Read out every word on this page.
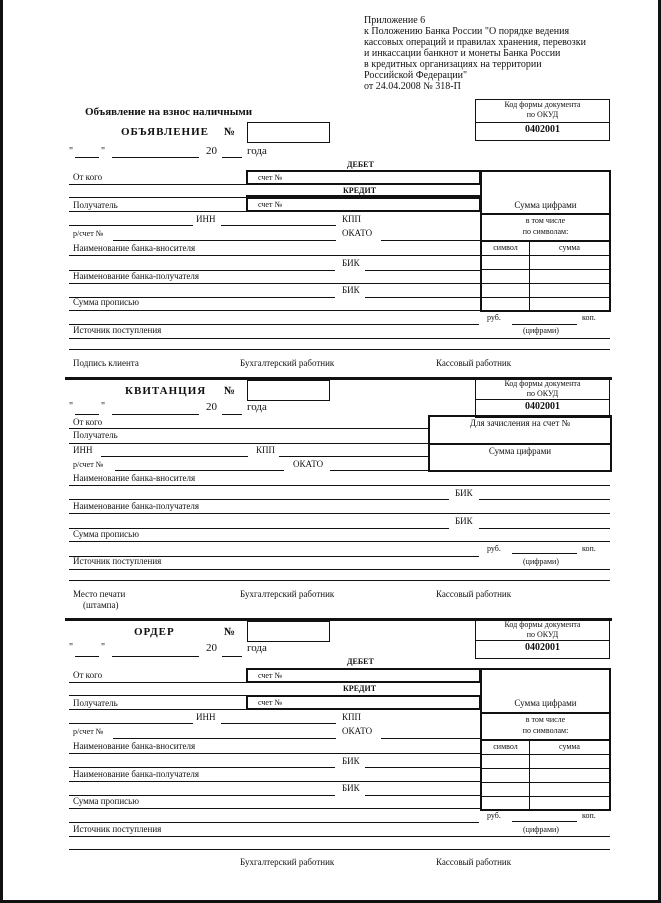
Приложение 6
к Положению Банка России "О порядке ведения
кассовых операций и правилах хранения, перевозки
и инкассации банкнот и монеты Банка России
в кредитных организациях на территории
Российской Федерации"
от 24.04.2008 № 318-П
Объявление на взнос наличными
Код формы документа
по ОКУД
0402001
ОБЪЯВЛЕНИЕ №
"	"	20	года
ДЕБЕТ
От кого	счет №
КРЕДИТ
Получатель	счет №
ИНН	КПП
р/счет №	ОКАТО
Наименование банка-вносителя
БИК
Наименование банка-получателя
БИК
Сумма прописью
руб.	коп.
Источник поступления	(цифрами)
Сумма цифрами
в том числе
по символам:
символ	сумма
Подпись клиента	Бухгалтерский работник	Кассовый работник
Код формы документа
по ОКУД
0402001
КВИТАНЦИЯ №
"	"	20	года
От кого
Получатель
ИНН	КПП
р/счет №	ОКАТО
Для зачисления на счет №
Сумма цифрами
Наименование банка-вносителя
БИК
Наименование банка-получателя
БИК
Сумма прописью
руб.	коп.
Источник поступления	(цифрами)
Место печати
(штампа)
Бухгалтерский работник	Кассовый работник
Код формы документа
по ОКУД
0402001
ОРДЕР	№
"	"	20	года
ДЕБЕТ
От кого	счет №
КРЕДИТ
Получатель	счет №
ИНН	КПП
р/счет №	ОКАТО
Наименование банка-вносителя
БИК
Наименование банка-получателя
БИК
Сумма прописью
руб.	коп.
Источник поступления	(цифрами)
Сумма цифрами
в том числе
по символам:
символ	сумма
Бухгалтерский работник	Кассовый работник
